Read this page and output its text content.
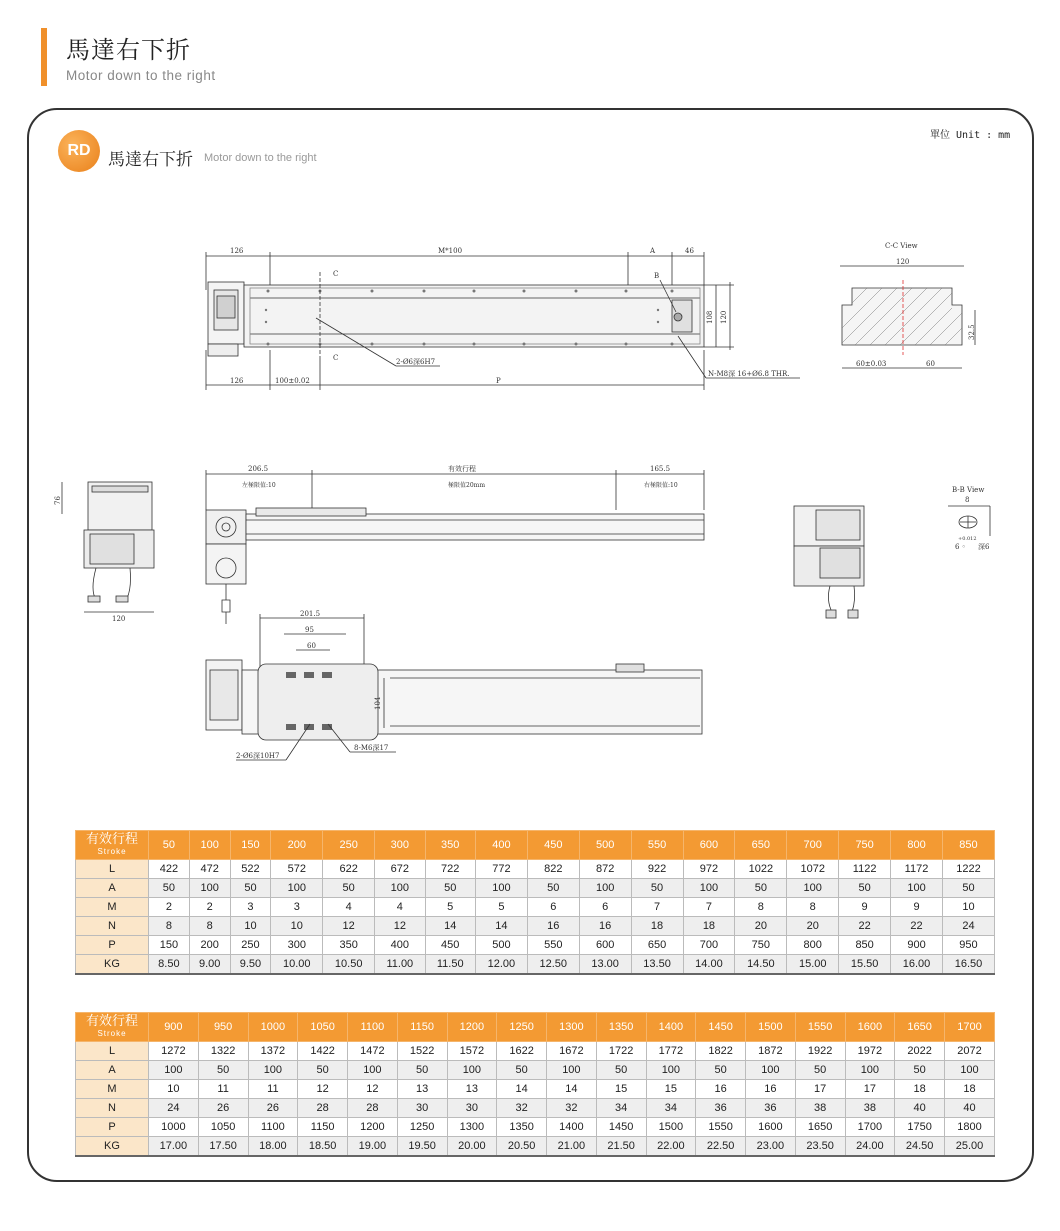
馬達右下折
Motor down to the right
單位 Unit : mm
RD 馬達右下折 Motor down to the right
126	M*100	A	46
C
C
B
108 120
126	100±0.02	P
2-Ø6深6H7
N-M8深 16+Ø6.8 THR.
C-C View
120
32.5
60±0.03	60
206.5
左極限值:10
有效行程
極限值20mm
165.5
右極限值:10
76
120
B-B View
8
+0.012
6 ◦ 深6
201.5
95
60
104
2-Ø6深10H7
8-M6深17
有效行程
Stroke	50	100	150	200	250	300	350	400	450	500	550	600	650	700	750	800	850
L	422	472	522	572	622	672	722	772	822	872	922	972	1022	1072	1122	1172	1222
A	50	100	50	100	50	100	50	100	50	100	50	100	50	100	50	100	50
M	2	2	3	3	4	4	5	5	6	6	7	7	8	8	9	9	10
N	8	8	10	10	12	12	14	14	16	16	18	18	20	20	22	22	24
P	150	200	250	300	350	400	450	500	550	600	650	700	750	800	850	900	950
KG	8.50	9.00	9.50	10.00	10.50	11.00	11.50	12.00	12.50	13.00	13.50	14.00	14.50	15.00	15.50	16.00	16.50
有效行程
Stroke	900	950	1000	1050	1100	1150	1200	1250	1300	1350	1400	1450	1500	1550	1600	1650	1700
L	1272	1322	1372	1422	1472	1522	1572	1622	1672	1722	1772	1822	1872	1922	1972	2022	2072
A	100	50	100	50	100	50	100	50	100	50	100	50	100	50	100	50	100
M	10	11	11	12	12	13	13	14	14	15	15	16	16	17	17	18	18
N	24	26	26	28	28	30	30	32	32	34	34	36	36	38	38	40	40
P	1000	1050	1100	1150	1200	1250	1300	1350	1400	1450	1500	1550	1600	1650	1700	1750	1800
KG	17.00	17.50	18.00	18.50	19.00	19.50	20.00	20.50	21.00	21.50	22.00	22.50	23.00	23.50	24.00	24.50	25.00
